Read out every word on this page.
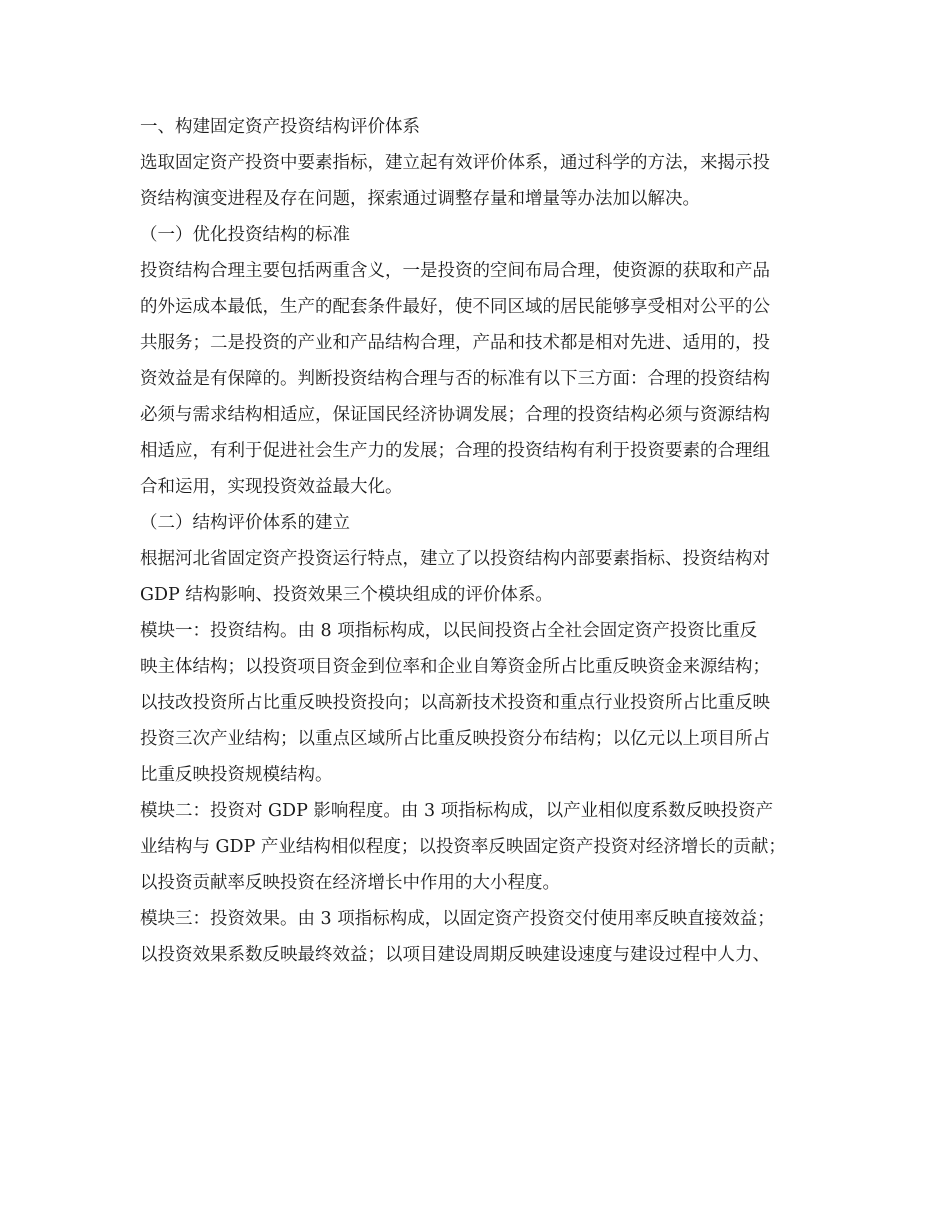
一、构建固定资产投资结构评价体系
选取固定资产投资中要素指标，建立起有效评价体系，通过科学的方法，来揭示投
资结构演变进程及存在问题，探索通过调整存量和增量等办法加以解决。
（一）优化投资结构的标准
投资结构合理主要包括两重含义，一是投资的空间布局合理，使资源的获取和产品
的外运成本最低，生产的配套条件最好，使不同区域的居民能够享受相对公平的公
共服务；二是投资的产业和产品结构合理，产品和技术都是相对先进、适用的，投
资效益是有保障的。判断投资结构合理与否的标准有以下三方面：合理的投资结构
必须与需求结构相适应，保证国民经济协调发展；合理的投资结构必须与资源结构
相适应，有利于促进社会生产力的发展；合理的投资结构有利于投资要素的合理组
合和运用，实现投资效益最大化。
（二）结构评价体系的建立
根据河北省固定资产投资运行特点，建立了以投资结构内部要素指标、投资结构对
GDP 结构影响、投资效果三个模块组成的评价体系。
模块一：投资结构。由 8 项指标构成，以民间投资占全社会固定资产投资比重反
映主体结构；以投资项目资金到位率和企业自筹资金所占比重反映资金来源结构；
以技改投资所占比重反映投资投向；以高新技术投资和重点行业投资所占比重反映
投资三次产业结构；以重点区域所占比重反映投资分布结构；以亿元以上项目所占
比重反映投资规模结构。
模块二：投资对 GDP 影响程度。由 3 项指标构成，以产业相似度系数反映投资产
业结构与 GDP 产业结构相似程度；以投资率反映固定资产投资对经济增长的贡献；
以投资贡献率反映投资在经济增长中作用的大小程度。
模块三：投资效果。由 3 项指标构成，以固定资产投资交付使用率反映直接效益；
以投资效果系数反映最终效益；以项目建设周期反映建设速度与建设过程中人力、
